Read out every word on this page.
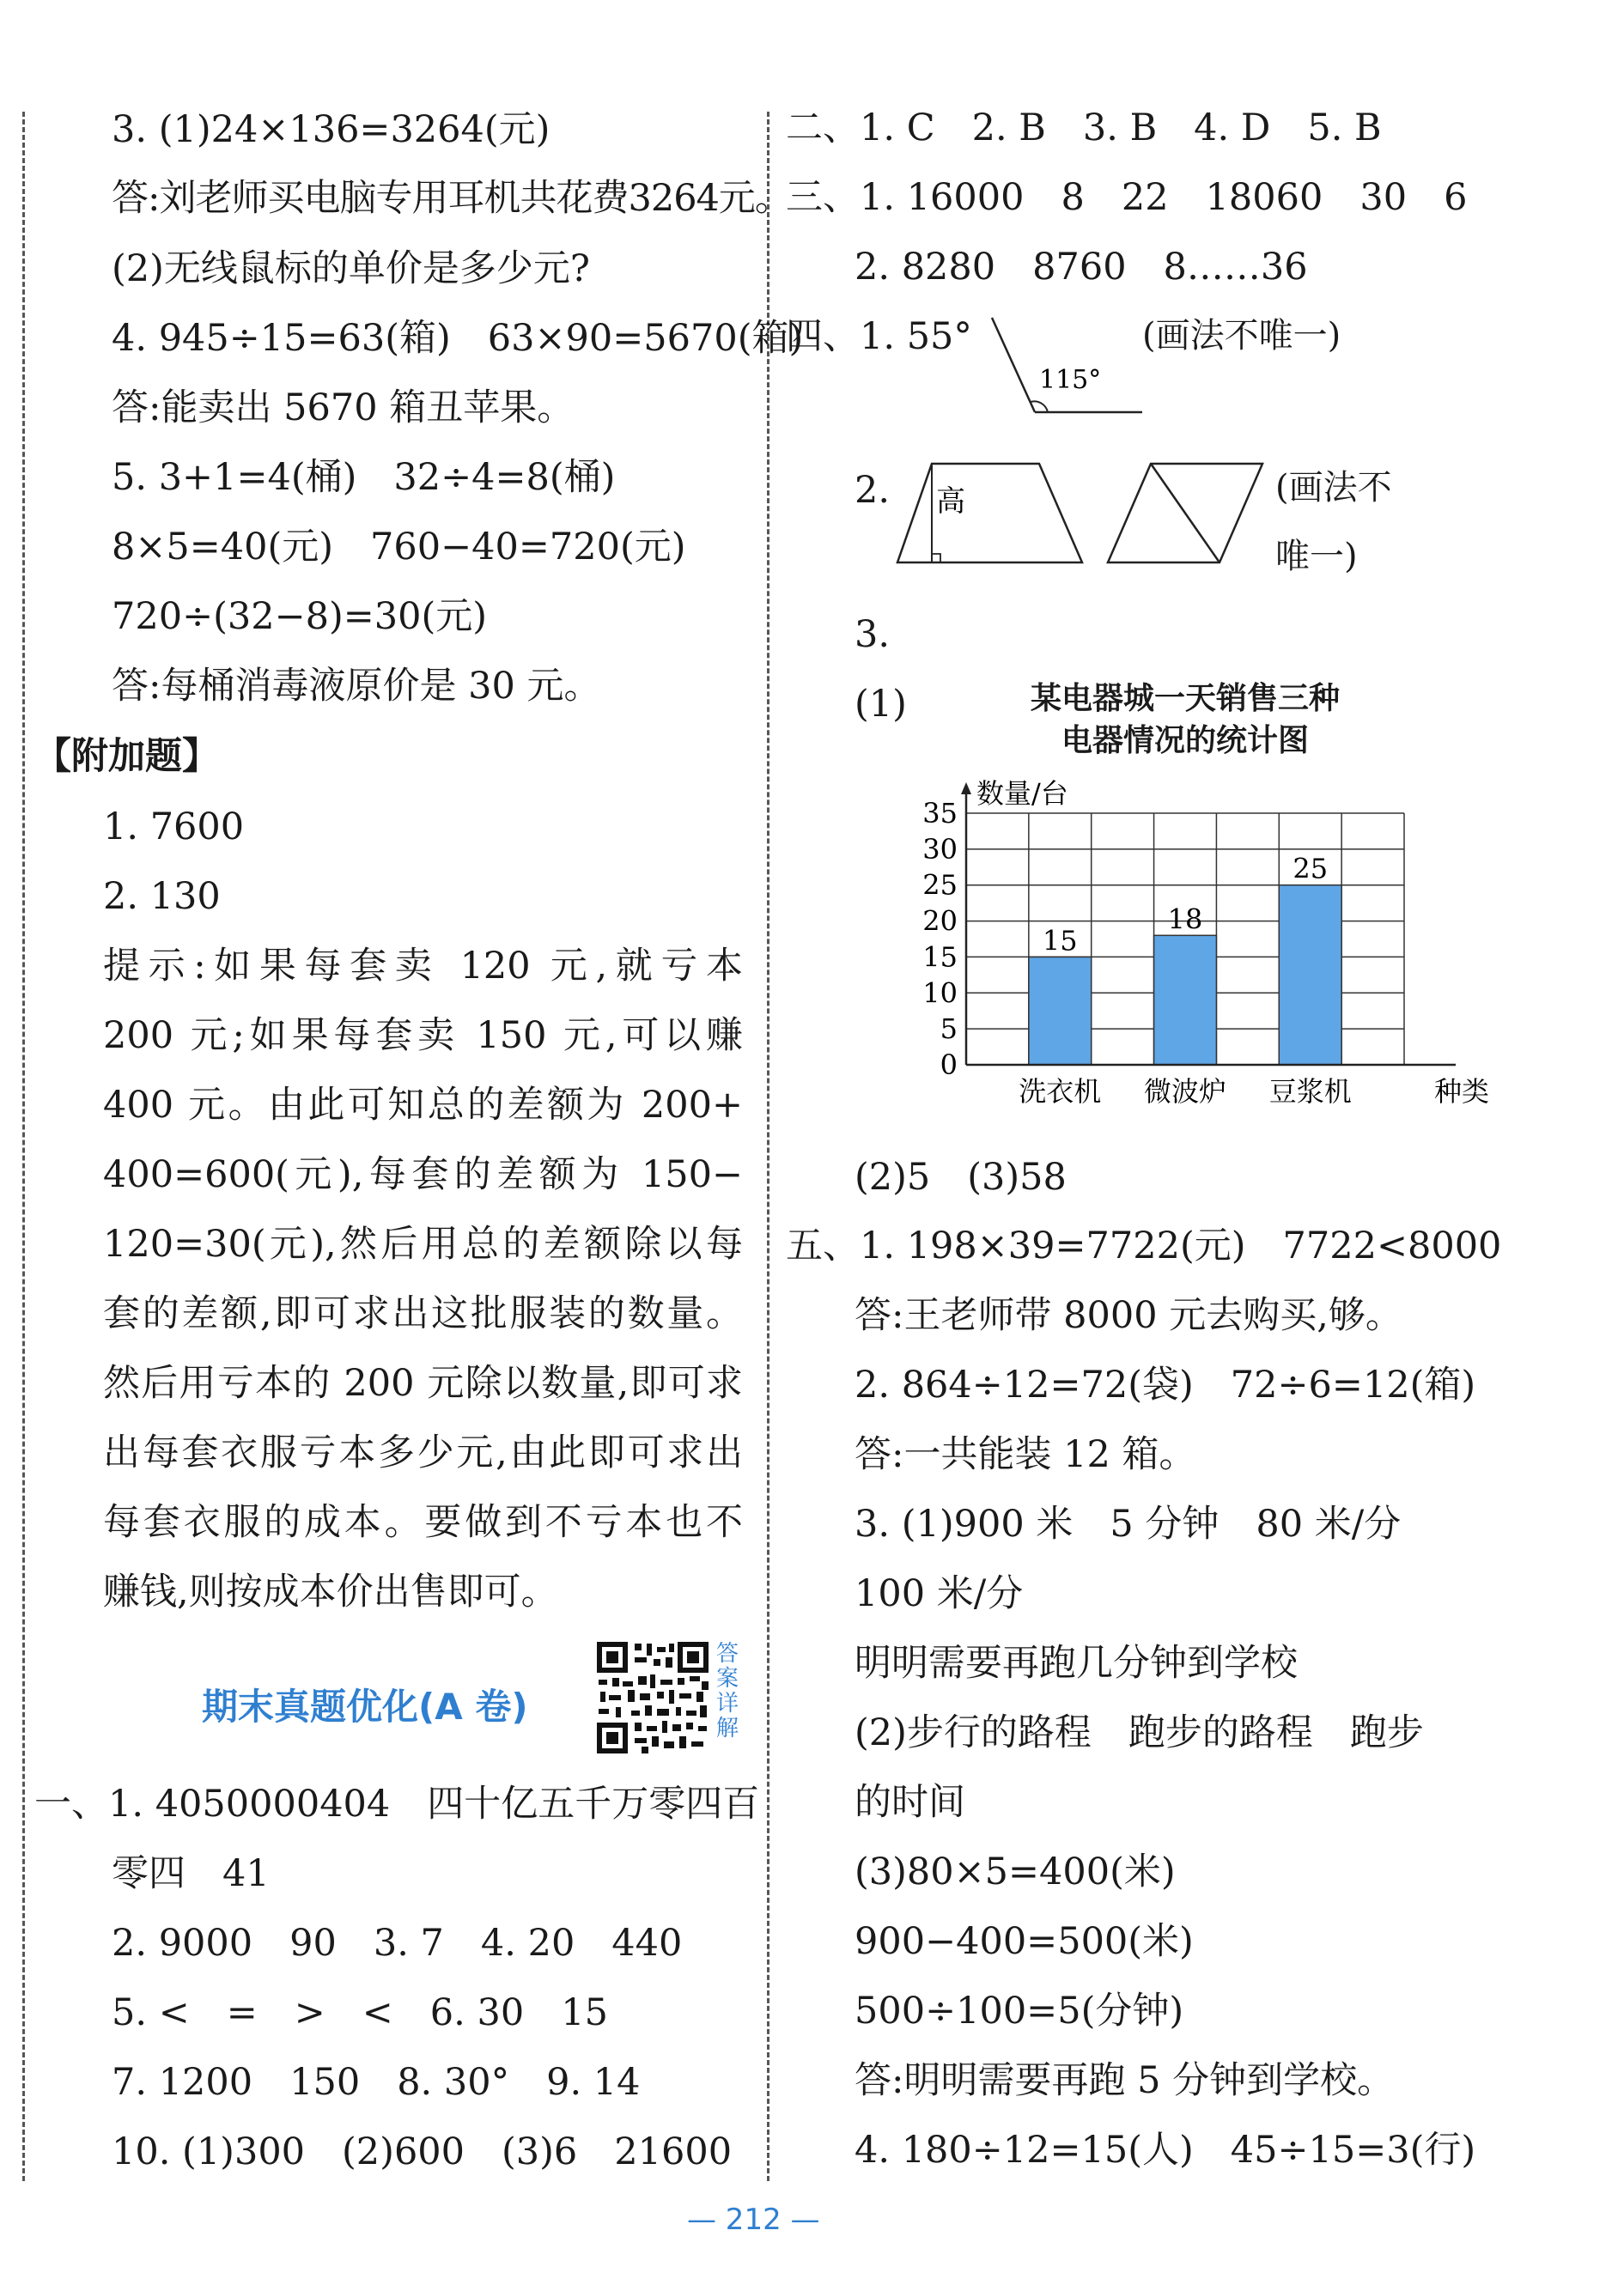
3. (1)24×136=3264(元)
答:刘老师买电脑专用耳机共花费3264元。
(2)无线鼠标的单价是多少元?
4. 945÷15=63(箱)　63×90=5670(箱)
答:能卖出 5670 箱丑苹果。
5. 3+1=4(桶)　32÷4=8(桶)
8×5=40(元)　760−40=720(元)
720÷(32−8)=30(元)
答:每桶消毒液原价是 30 元。
【附加题】
1. 7600
2. 130
提示:如果每套卖 120 元,就亏本
200 元;如果每套卖 150 元,可以赚
400 元。由此可知总的差额为 200+
400=600(元),每套的差额为 150−
120=30(元),然后用总的差额除以每
套的差额,即可求出这批服装的数量。
然后用亏本的 200 元除以数量,即可求
出每套衣服亏本多少元,由此即可求出
每套衣服的成本。要做到不亏本也不
赚钱,则按成本价出售即可。
期末真题优化(A 卷)
答案详解
一、1. 4050000404　四十亿五千万零四百
零四　41
2. 9000　90　3. 7　4. 20　440
5. <　=　>　<　6. 30　15
7. 1200　150　8. 30°　9. 14
10. (1)300　(2)600　(3)6　21600
二、1. C　2. B　3. B　4. D　5. B
三、1. 16000　8　22　18060　30　6
2. 8280　8760　8……36
四、1. 55°
115°
(画法不唯一)
2. 高	(画法不
唯一)
3.
(1)	某电器城一天销售三种
电器情况的统计图
15
洗衣机
18
微波炉
25
豆浆机
0
5
10
15
20
25
30
35
数量/台
种类
(2)5　(3)58
五、1. 198×39=7722(元)　7722<8000
答:王老师带 8000 元去购买,够。
2. 864÷12=72(袋)　72÷6=12(箱)
答:一共能装 12 箱。
3. (1)900 米　5 分钟　80 米/分
100 米/分
明明需要再跑几分钟到学校
(2)步行的路程　跑步的路程　跑步
的时间
(3)80×5=400(米)
900−400=500(米)
500÷100=5(分钟)
答:明明需要再跑 5 分钟到学校。
4. 180÷12=15(人)　45÷15=3(行)
— 212 —
